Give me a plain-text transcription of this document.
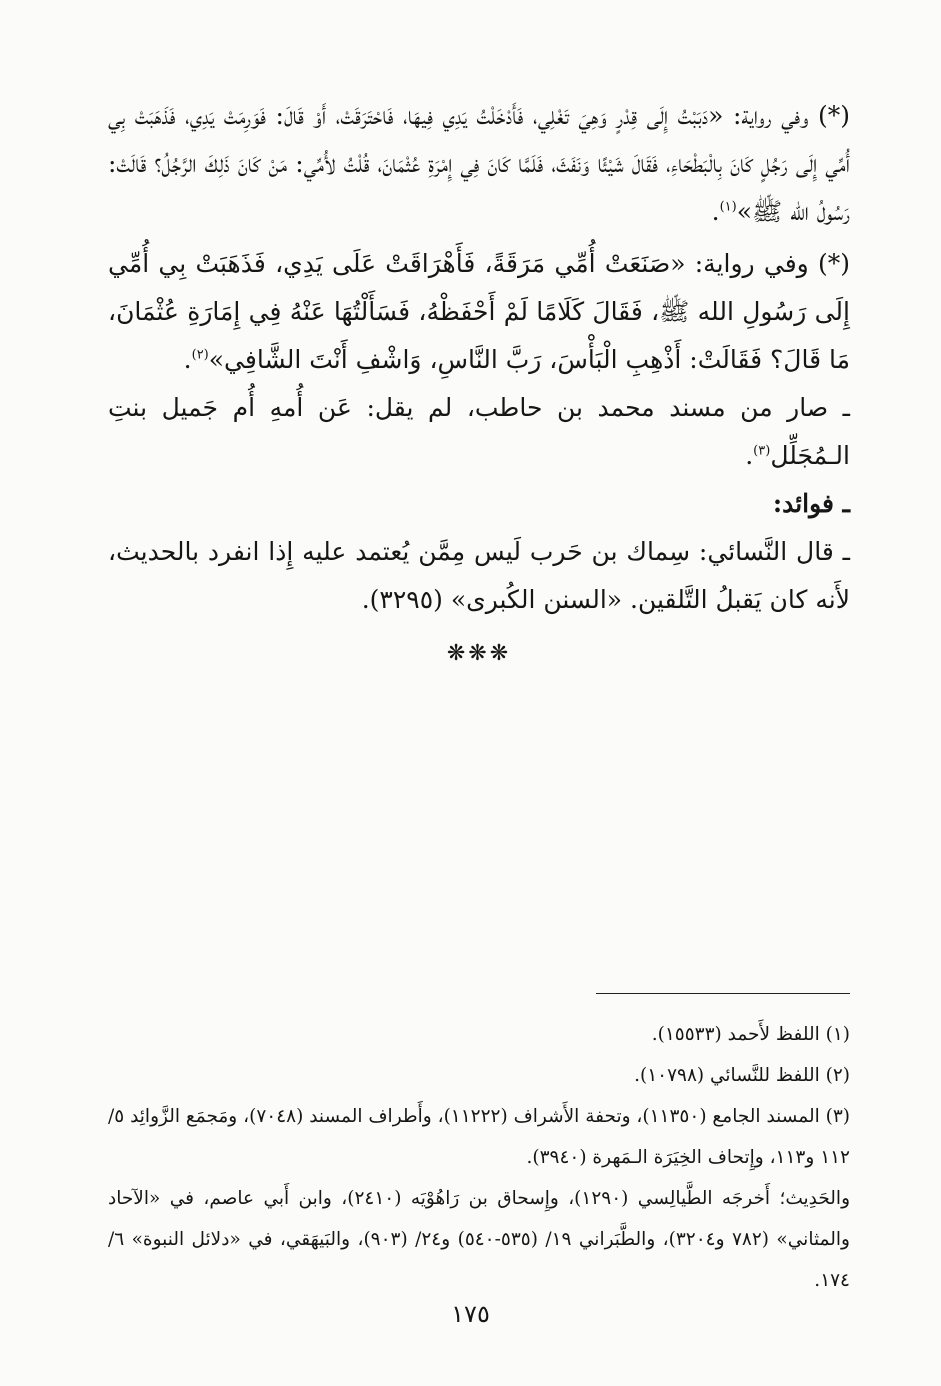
(*) وفي رواية: «دَبَبْتُ إِلَى قِدْرٍ وَهِيَ تَغْلِي، فَأَدْخَلْتُ يَدِي فِيهَا، فَاحْتَرَقَتْ، أَوْ قَالَ: فَوَرِمَتْ يَدِي، فَذَهَبَتْ بِي أُمِّي إِلَى رَجُلٍ كَانَ بِالْبَطْحَاءِ، فَقَالَ شَيْئًا وَنَفَثَ، فَلَمَّا كَانَ فِي إِمْرَةِ عُثْمَانَ، قُلْتُ لأُمِّي: مَنْ كَانَ ذَلِكَ الرَّجُلُ؟ قَالَتْ: رَسُولُ الله ﷺ»$^{(١)}$.

(*) وفي رواية: «صَنَعَتْ أُمِّي مَرَقَةً، فَأَهْرَاقَتْ عَلَى يَدِي، فَذَهَبَتْ بِي أُمِّي إِلَى رَسُولِ الله ﷺ، فَقَالَ كَلَامًا لَمْ أَحْفَظْهُ، فَسَأَلْتُهَا عَنْهُ فِي إِمَارَةِ عُثْمَانَ، مَا قَالَ؟ فَقَالَتْ: أَذْهِبِ الْبَأْسَ، رَبَّ النَّاسِ، وَاشْفِ أَنْتَ الشَّافِي»$^{(٢)}$.

ـ صار من مسند محمد بن حاطب، لم يقل: عَن أُمهِ أُم جَميل بنتِ الـمُجَلِّل$^{(٣)}$.

ـ فوائد:

ـ قال النَّسائي: سِماك بن حَرب لَيس مِمَّن يُعتمد عليه إِذا انفرد بالحديث، لأَنه كان يَقبلُ التَّلقين. «السنن الكُبرى» (٣٢٩٥).

❋❋❋

(١) اللفظ لأَحمد (١٥٥٣٣).

(٢) اللفظ للنَّسائي (١٠٧٩٨).

(٣) المسند الجامع (١١٣٥٠)، وتحفة الأَشراف (١١٢٢٢)، وأَطراف المسند (٧٠٤٨)، ومَجمَع الزَّوائِد ٥/ ١١٢ و١١٣، وإِتحاف الخِيَرَة الـمَهرة (٣٩٤٠).

والحَدِيث؛ أَخرجَه الطَّيالِسي (١٢٩٠)، وإِسحاق بن رَاهُوْيَه (٢٤١٠)، وابن أَبي عاصم، في «الآحاد والمثاني» (٧٨٢ و٣٢٠٤)، والطَّبَراني ١٩/ (٥٣٥-٥٤٠) و٢٤/ (٩٠٣)، والبَيهَقي، في «دلائل النبوة» ٦/ ١٧٤.

١٧٥
